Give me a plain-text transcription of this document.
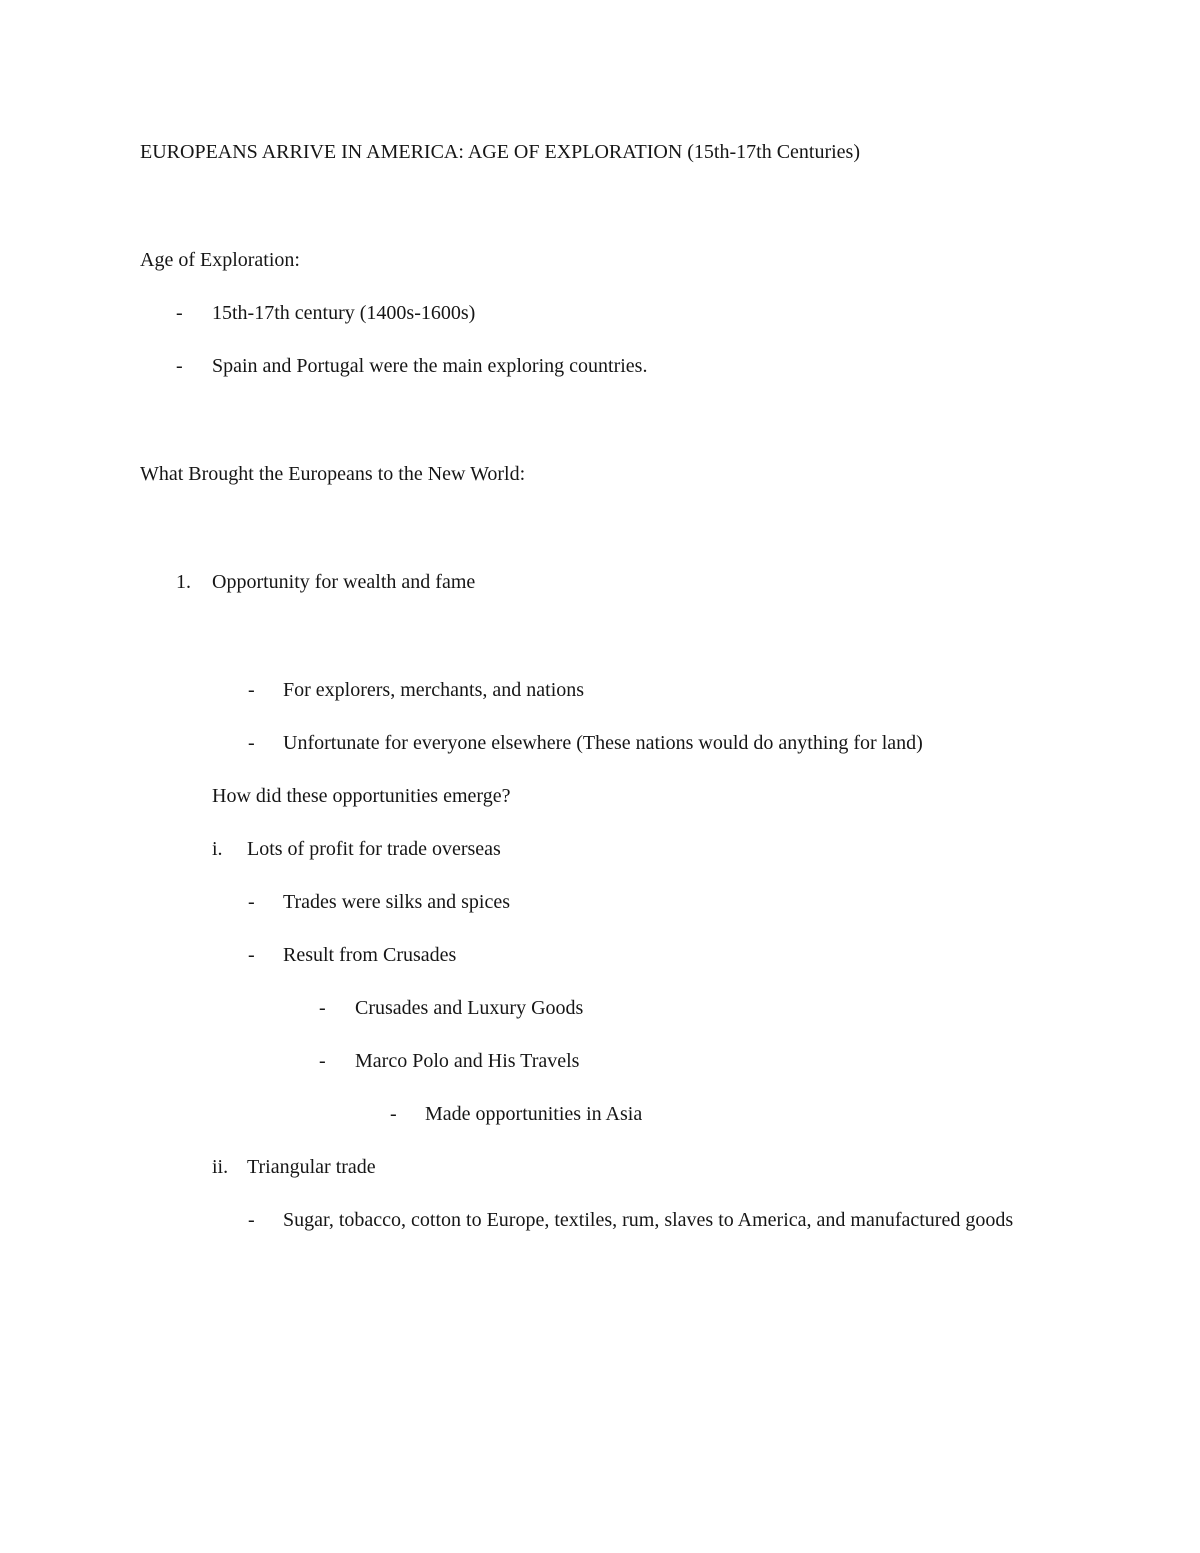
EUROPEANS ARRIVE IN AMERICA: AGE OF EXPLORATION (15th-17th Centuries)
Age of Exploration:
- 15th-17th century (1400s-1600s)
- Spain and Portugal were the main exploring countries.
What Brought the Europeans to the New World:
1. Opportunity for wealth and fame
- For explorers, merchants, and nations
- Unfortunate for everyone elsewhere (These nations would do anything for land)
How did these opportunities emerge?
i. Lots of profit for trade overseas
- Trades were silks and spices
- Result from Crusades
- Crusades and Luxury Goods
- Marco Polo and His Travels
- Made opportunities in Asia
ii. Triangular trade
- Sugar, tobacco, cotton to Europe, textiles, rum, slaves to America, and manufactured goods
